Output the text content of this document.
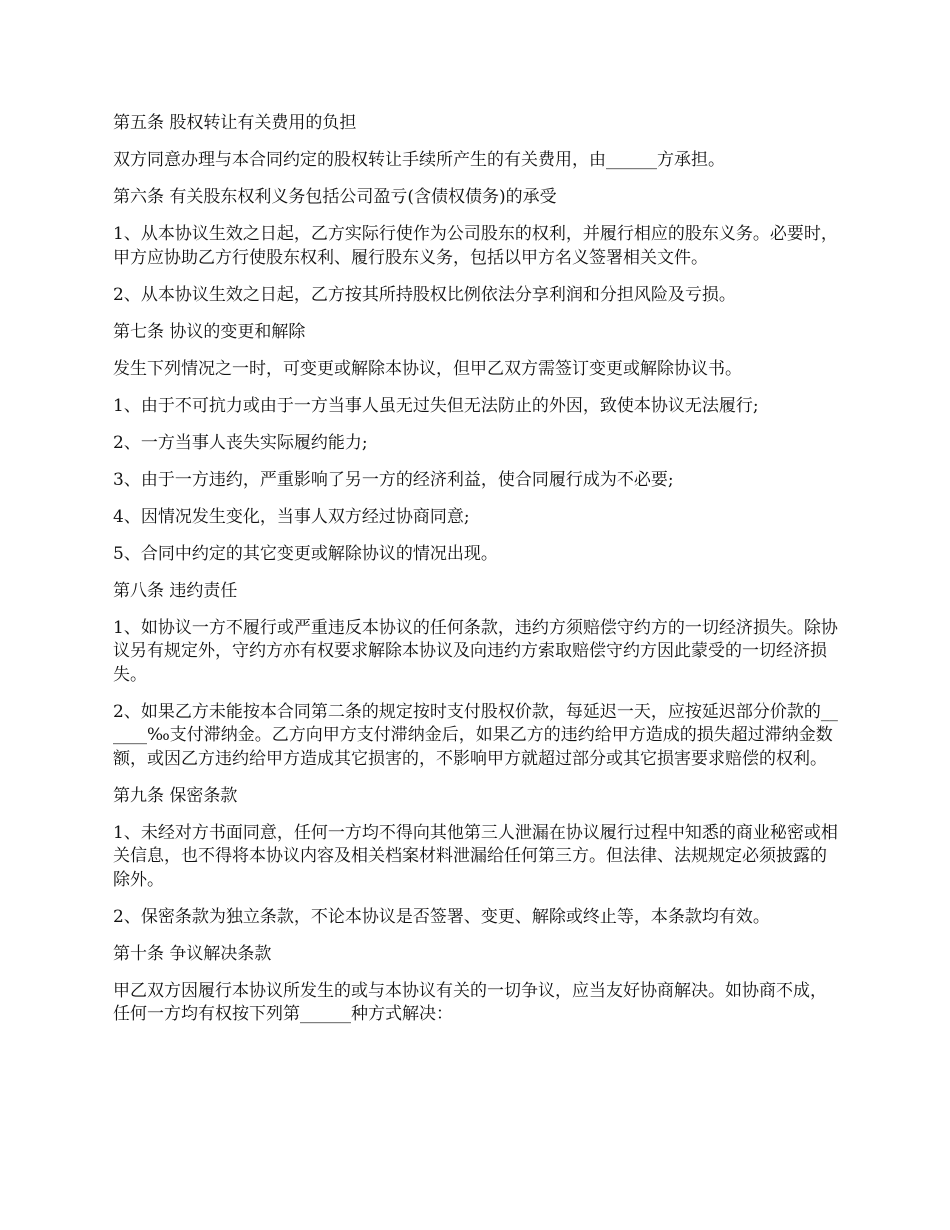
第五条 股权转让有关费用的负担

双方同意办理与本合同约定的股权转让手续所产生的有关费用，由______方承担。

第六条 有关股东权利义务包括公司盈亏(含债权债务)的承受

1、从本协议生效之日起，乙方实际行使作为公司股东的权利，并履行相应的股东义务。必要时，甲方应协助乙方行使股东权利、履行股东义务，包括以甲方名义签署相关文件。

2、从本协议生效之日起，乙方按其所持股权比例依法分享利润和分担风险及亏损。

第七条 协议的变更和解除

发生下列情况之一时，可变更或解除本协议，但甲乙双方需签订变更或解除协议书。

1、由于不可抗力或由于一方当事人虽无过失但无法防止的外因，致使本协议无法履行;

2、一方当事人丧失实际履约能力;

3、由于一方违约，严重影响了另一方的经济利益，使合同履行成为不必要;

4、因情况发生变化，当事人双方经过协商同意;

5、合同中约定的其它变更或解除协议的情况出现。

第八条 违约责任

1、如协议一方不履行或严重违反本协议的任何条款，违约方须赔偿守约方的一切经济损失。除协议另有规定外，守约方亦有权要求解除本协议及向违约方索取赔偿守约方因此蒙受的一切经济损失。

2、如果乙方未能按本合同第二条的规定按时支付股权价款，每延迟一天，应按延迟部分价款的______‰支付滞纳金。乙方向甲方支付滞纳金后，如果乙方的违约给甲方造成的损失超过滞纳金数额，或因乙方违约给甲方造成其它损害的，不影响甲方就超过部分或其它损害要求赔偿的权利。

第九条 保密条款

1、未经对方书面同意，任何一方均不得向其他第三人泄漏在协议履行过程中知悉的商业秘密或相关信息，也不得将本协议内容及相关档案材料泄漏给任何第三方。但法律、法规规定必须披露的除外。

2、保密条款为独立条款，不论本协议是否签署、变更、解除或终止等，本条款均有效。

第十条 争议解决条款

甲乙双方因履行本协议所发生的或与本协议有关的一切争议，应当友好协商解决。如协商不成，任何一方均有权按下列第______种方式解决：
